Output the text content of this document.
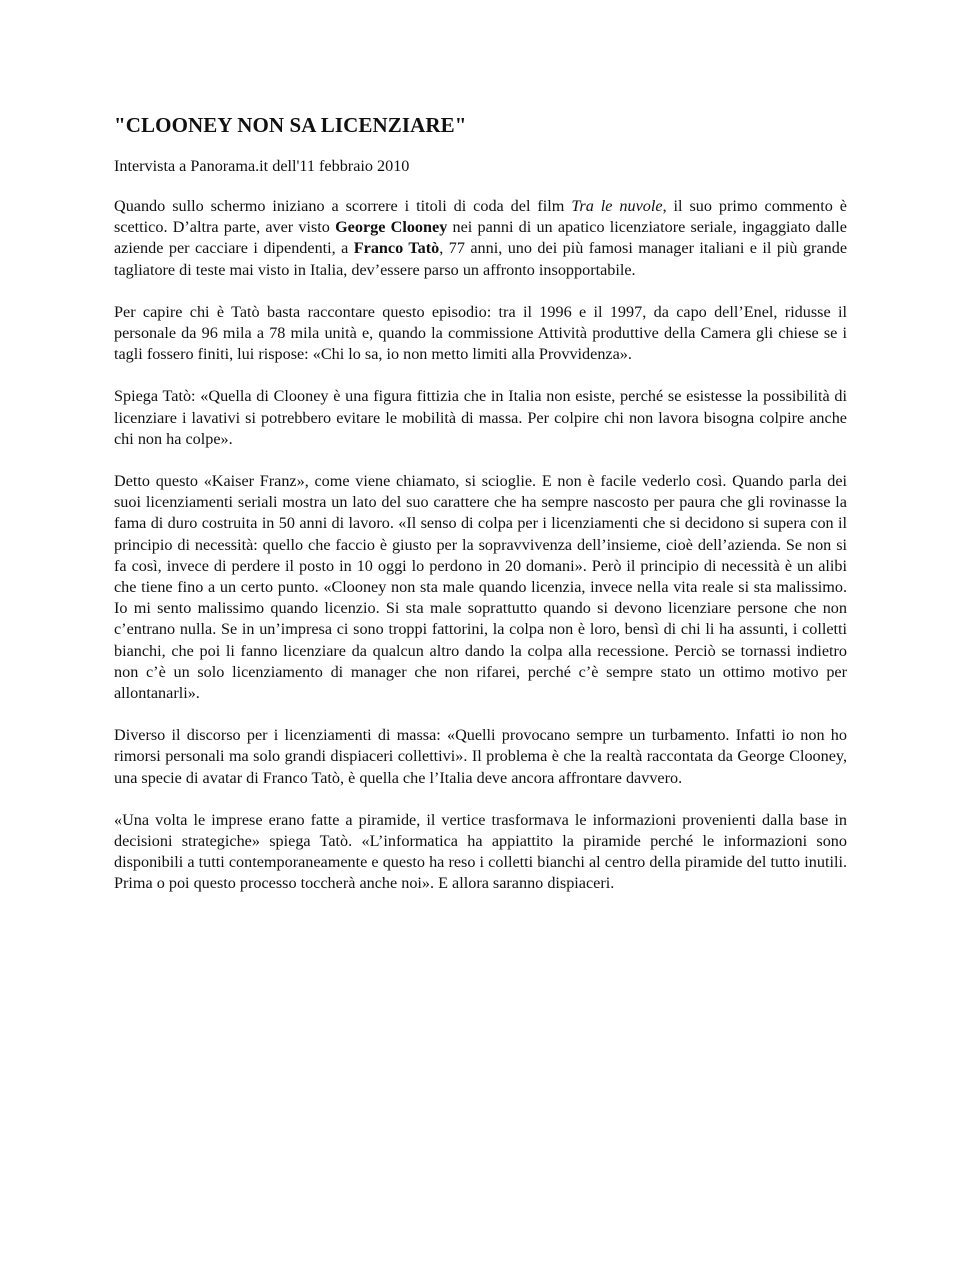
"CLOONEY NON SA LICENZIARE"
Intervista a Panorama.it dell'11 febbraio 2010
Quando sullo schermo iniziano a scorrere i titoli di coda del film Tra le nuvole, il suo primo commento è scettico. D’altra parte, aver visto George Clooney nei panni di un apatico licenziatore seriale, ingaggiato dalle aziende per cacciare i dipendenti, a Franco Tatò, 77 anni, uno dei più famosi manager italiani e il più grande tagliatore di teste mai visto in Italia, dev’essere parso un affronto insopportabile.
Per capire chi è Tatò basta raccontare questo episodio: tra il 1996 e il 1997, da capo dell’Enel, ridusse il personale da 96 mila a 78 mila unità e, quando la commissione Attività produttive della Camera gli chiese se i tagli fossero finiti, lui rispose: «Chi lo sa, io non metto limiti alla Provvidenza».
Spiega Tatò: «Quella di Clooney è una figura fittizia che in Italia non esiste, perché se esistesse la possibilità di licenziare i lavativi si potrebbero evitare le mobilità di massa. Per colpire chi non lavora bisogna colpire anche chi non ha colpe».
Detto questo «Kaiser Franz», come viene chiamato, si scioglie. E non è facile vederlo così. Quando parla dei suoi licenziamenti seriali mostra un lato del suo carattere che ha sempre nascosto per paura che gli rovinasse la fama di duro costruita in 50 anni di lavoro. «Il senso di colpa per i licenziamenti che si decidono si supera con il principio di necessità: quello che faccio è giusto per la sopravvivenza dell’insieme, cioè dell’azienda. Se non si fa così, invece di perdere il posto in 10 oggi lo perdono in 20 domani». Però il principio di necessità è un alibi che tiene fino a un certo punto. «Clooney non sta male quando licenzia, invece nella vita reale si sta malissimo. Io mi sento malissimo quando licenzio. Si sta male soprattutto quando si devono licenziare persone che non c’entrano nulla. Se in un’impresa ci sono troppi fattorini, la colpa non è loro, bensì di chi li ha assunti, i colletti bianchi, che poi li fanno licenziare da qualcun altro dando la colpa alla recessione. Perciò se tornassi indietro non c’è un solo licenziamento di manager che non rifarei, perché c’è sempre stato un ottimo motivo per allontanarli».
Diverso il discorso per i licenziamenti di massa: «Quelli provocano sempre un turbamento. Infatti io non ho rimorsi personali ma solo grandi dispiaceri collettivi». Il problema è che la realtà raccontata da George Clooney, una specie di avatar di Franco Tatò, è quella che l’Italia deve ancora affrontare davvero.
«Una volta le imprese erano fatte a piramide, il vertice trasformava le informazioni provenienti dalla base in decisioni strategiche» spiega Tatò. «L’informatica ha appiattito la piramide perché le informazioni sono disponibili a tutti contemporaneamente e questo ha reso i colletti bianchi al centro della piramide del tutto inutili. Prima o poi questo processo toccherà anche noi». E allora saranno dispiaceri.
